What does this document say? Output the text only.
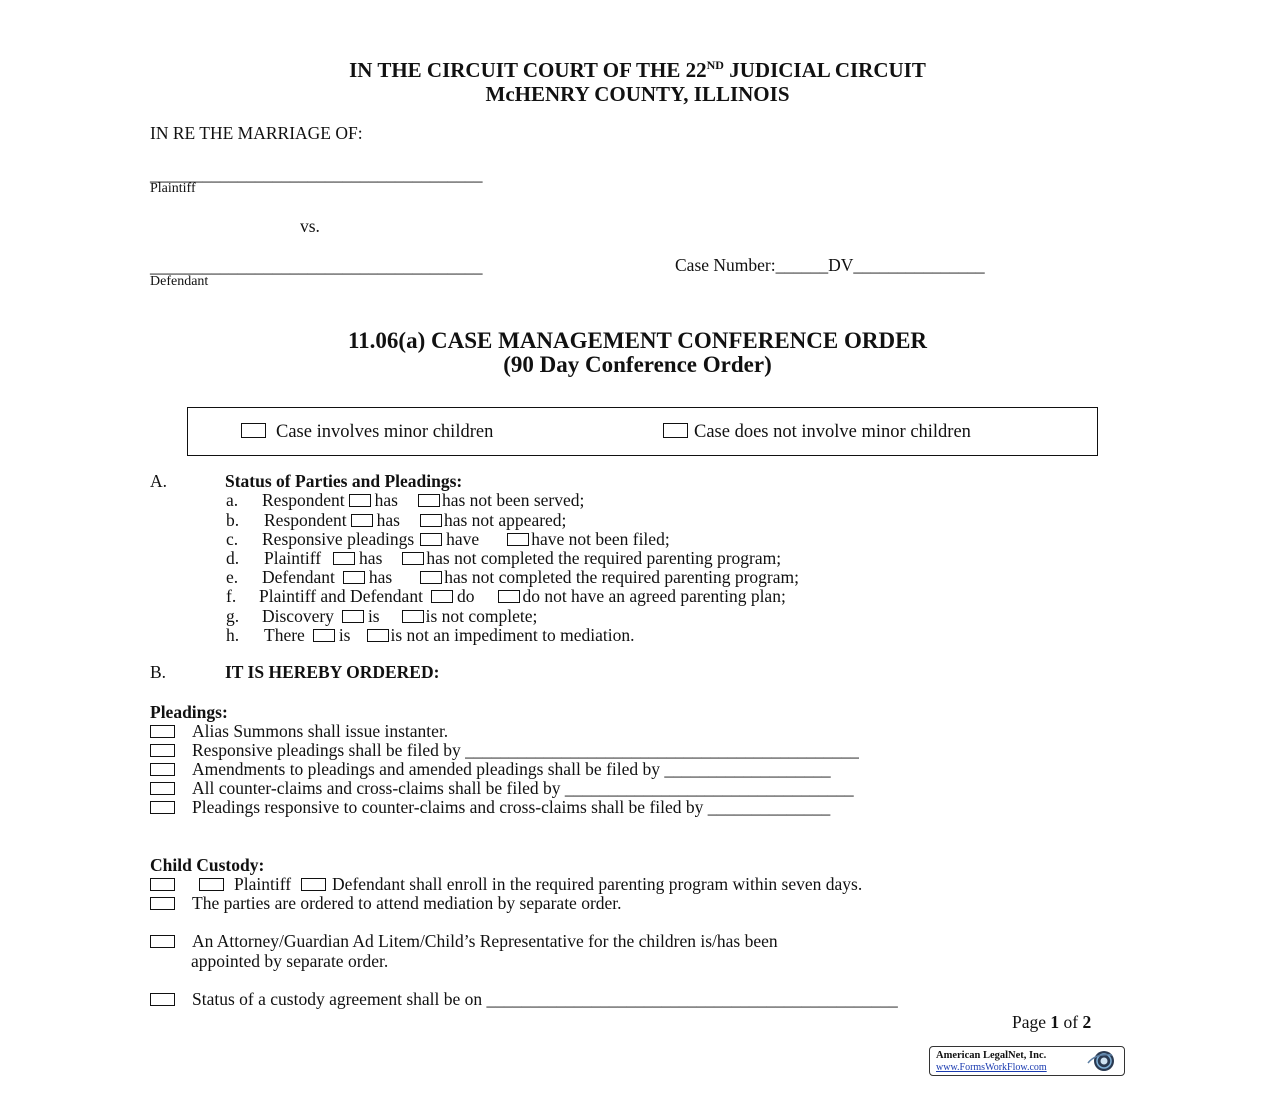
IN THE CIRCUIT COURT OF THE 22ND JUDICIAL CIRCUIT
McHENRY COUNTY, ILLINOIS
IN RE THE MARRIAGE OF:
______________________________________
Plaintiff
vs.
______________________________________
Defendant
Case Number:______DV_______________
11.06(a) CASE MANAGEMENT CONFERENCE ORDER
(90 Day Conference Order)
Case involves minor children	Case does not involve minor children
A.	Status of Parties and Pleadings:
a. Respondent has	has not been served;
b. Respondent has	has not appeared;
c. Responsive pleadings have	have not been filed;
d. Plaintiff has	has not completed the required parenting program;
e. Defendant has	has not completed the required parenting program;
f. Plaintiff and Defendant do	do not have an agreed parenting plan;
g. Discovery is	is not complete;
h. There is is not an impediment to mediation.
B.	IT IS HEREBY ORDERED:
Pleadings:
Alias Summons shall issue instanter.
Responsive pleadings shall be filed by _____________________________________________
Amendments to pleadings and amended pleadings shall be filed by ___________________
All counter-claims and cross-claims shall be filed by _________________________________
Pleadings responsive to counter-claims and cross-claims shall be filed by ______________
Child Custody:
Plaintiff Defendant shall enroll in the required parenting program within seven days.
The parties are ordered to attend mediation by separate order.
An Attorney/Guardian Ad Litem/Child’s Representative for the children is/has been
appointed by separate order.
Status of a custody agreement shall be on _______________________________________________
Page 1 of 2
American LegalNet, Inc.
www.FormsWorkFlow.com
